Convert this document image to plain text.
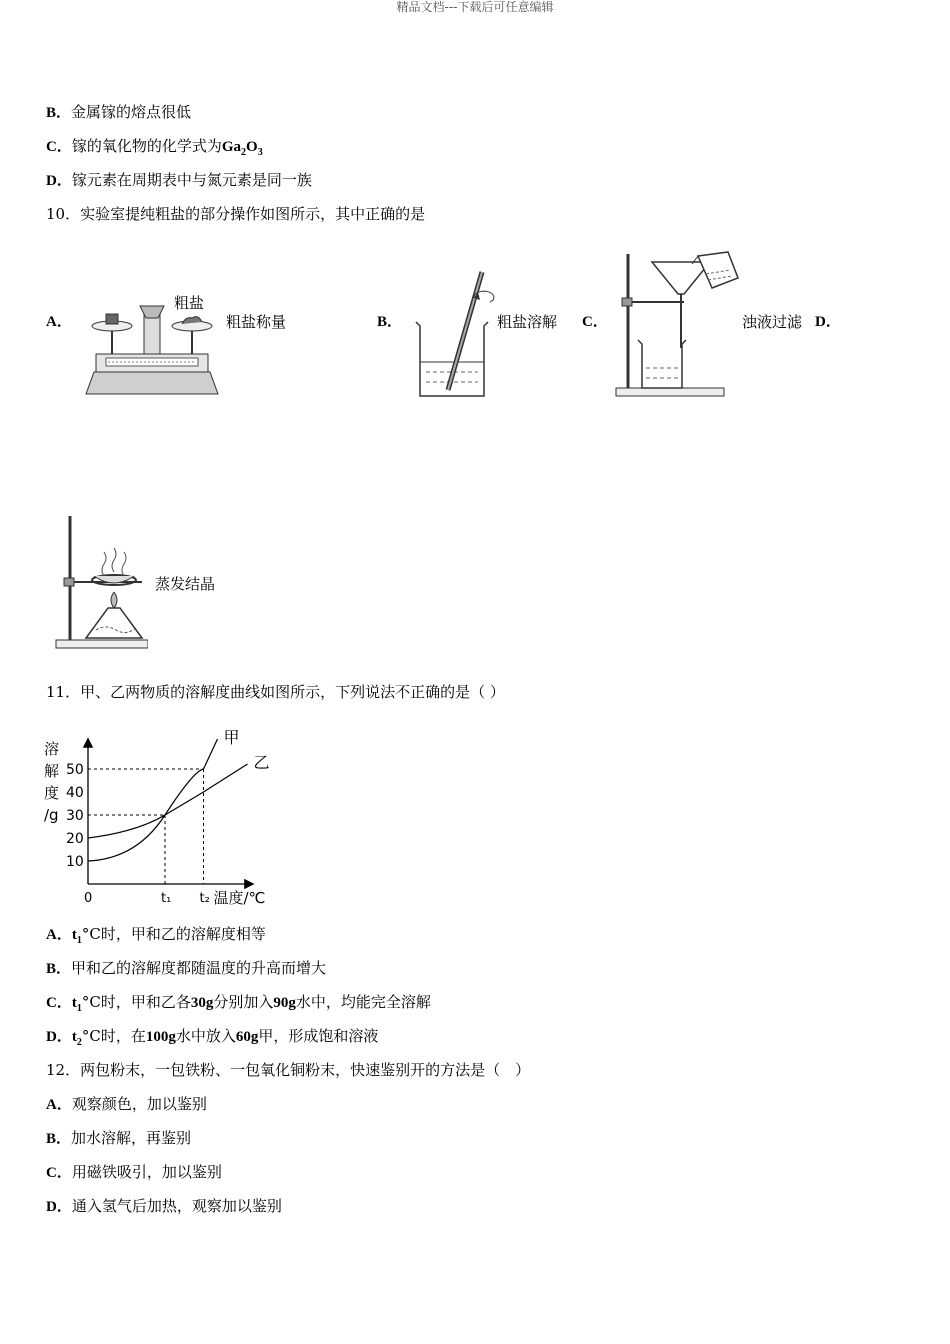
精品文档---下载后可任意编辑
B．金属镓的熔点很低
C．镓的氧化物的化学式为$Ga_2O_3$
D．镓元素在周期表中与氮元素是同一族
10．实验室提纯粗盐的部分操作如图所示，其中正确的是
A．
粗盐
粗盐称量	B．	粗盐溶解 C．	浊液过滤 D．
蒸发结晶
11．甲、乙两物质的溶解度曲线如图所示，下列说法不正确的是（ ）
溶
解
度
/g
10
20
30
40
50
0	t₁ t₂ 温度/℃
甲
乙
A．$t_1^\circ C$时，甲和乙的溶解度相等
B．甲和乙的溶解度都随温度的升高而增大
C．$t_1^\circ C$时，甲和乙各30g分别加入90g水中，均能完全溶解
D．$t_2^\circ C$时，在100g水中放入60g甲，形成饱和溶液
12．两包粉末，一包铁粉、一包氧化铜粉末，快速鉴别开的方法是（　）
A．观察颜色，加以鉴别
B．加水溶解，再鉴别
C．用磁铁吸引，加以鉴别
D．通入氢气后加热，观察加以鉴别
